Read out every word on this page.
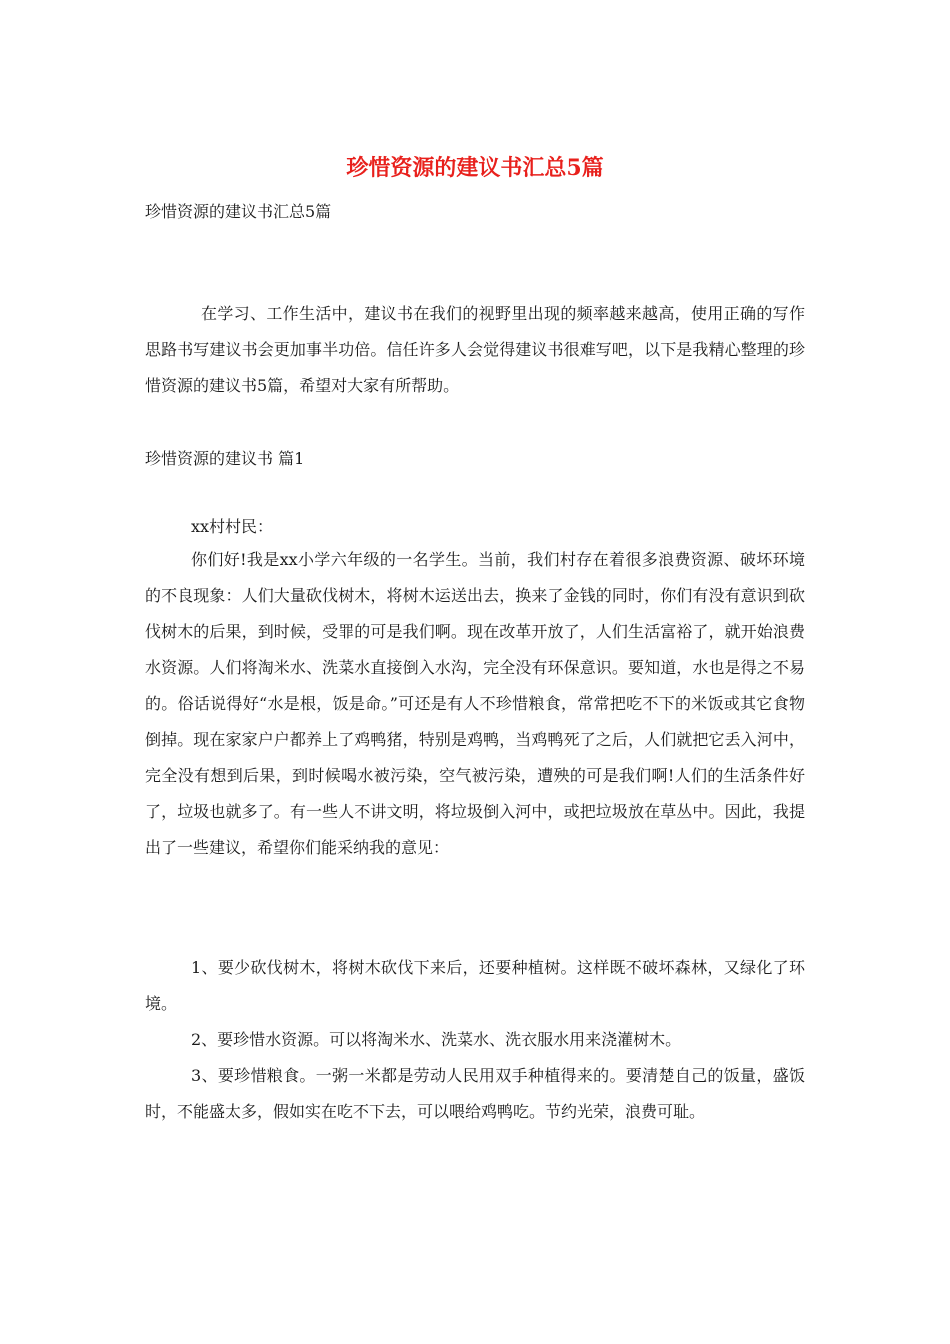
珍惜资源的建议书汇总5篇

珍惜资源的建议书汇总5篇

在学习、工作生活中，建议书在我们的视野里出现的频率越来越高，使用正确的写作思路书写建议书会更加事半功倍。信任许多人会觉得建议书很难写吧，以下是我精心整理的珍惜资源的建议书5篇，希望对大家有所帮助。

珍惜资源的建议书 篇1

xx村村民：

你们好!我是xx小学六年级的一名学生。当前，我们村存在着很多浪费资源、破坏环境的不良现象：人们大量砍伐树木，将树木运送出去，换来了金钱的同时，你们有没有意识到砍伐树木的后果，到时候，受罪的可是我们啊。现在改革开放了，人们生活富裕了，就开始浪费水资源。人们将淘米水、洗菜水直接倒入水沟，完全没有环保意识。要知道，水也是得之不易的。俗话说得好“水是根，饭是命。”可还是有人不珍惜粮食，常常把吃不下的米饭或其它食物倒掉。现在家家户户都养上了鸡鸭猪，特别是鸡鸭，当鸡鸭死了之后，人们就把它丢入河中，完全没有想到后果，到时候喝水被污染，空气被污染，遭殃的可是我们啊!人们的生活条件好了，垃圾也就多了。有一些人不讲文明，将垃圾倒入河中，或把垃圾放在草丛中。因此，我提出了一些建议，希望你们能采纳我的意见：

1、要少砍伐树木，将树木砍伐下来后，还要种植树。这样既不破坏森林，又绿化了环境。

2、要珍惜水资源。可以将淘米水、洗菜水、洗衣服水用来浇灌树木。

3、要珍惜粮食。一粥一米都是劳动人民用双手种植得来的。要清楚自己的饭量，盛饭时，不能盛太多，假如实在吃不下去，可以喂给鸡鸭吃。节约光荣，浪费可耻。
